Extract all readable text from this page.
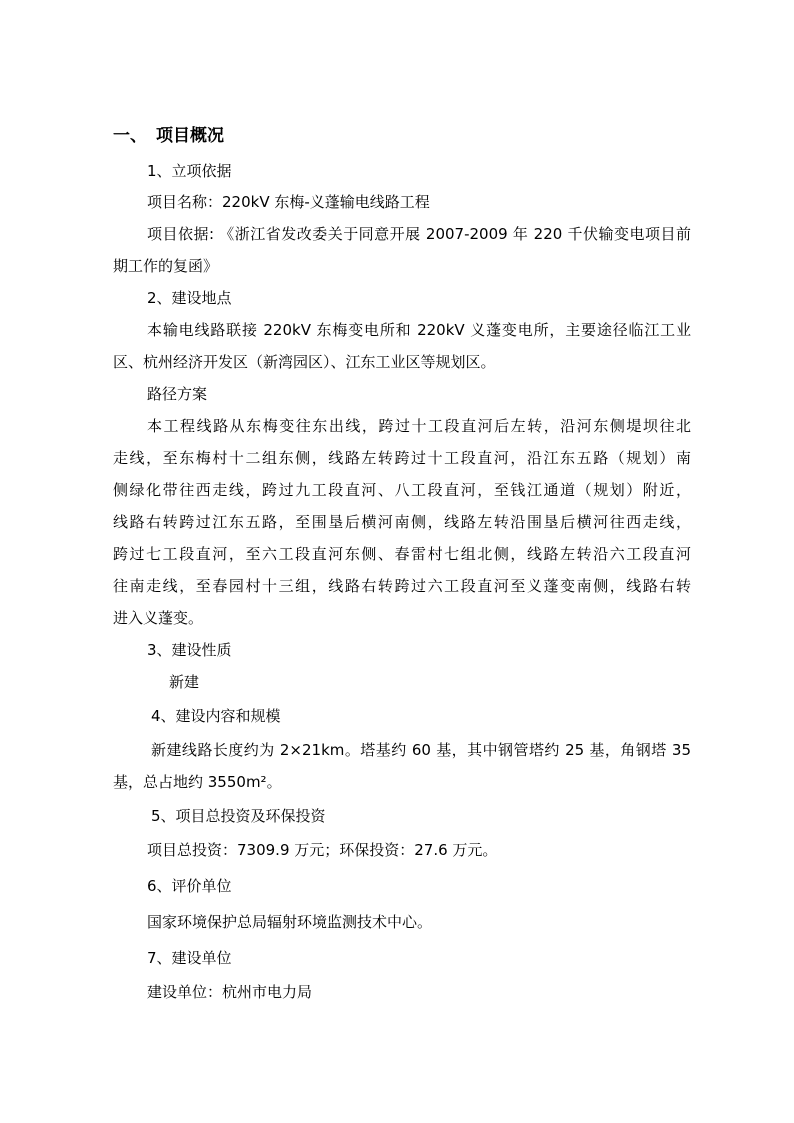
一、 项目概况
1、立项依据
项目名称：220kV 东梅-义蓬输电线路工程
项目依据: 《浙江省发改委关于同意开展 2007-2009 年 220 千伏输变电项目前
期工作的复函》
2、建设地点
本输电线路联接 220kV 东梅变电所和 220kV 义蓬变电所，主要途径临江工业
区、杭州经济开发区（新湾园区）、江东工业区等规划区。
路径方案
本工程线路从东梅变往东出线，跨过十工段直河后左转，沿河东侧堤坝往北
走线，至东梅村十二组东侧，线路左转跨过十工段直河，沿江东五路（规划）南
侧绿化带往西走线，跨过九工段直河、八工段直河，至钱江通道（规划）附近，
线路右转跨过江东五路，至围垦后横河南侧，线路左转沿围垦后横河往西走线，
跨过七工段直河，至六工段直河东侧、春雷村七组北侧，线路左转沿六工段直河
往南走线，至春园村十三组，线路右转跨过六工段直河至义蓬变南侧，线路右转
进入义蓬变。
3、建设性质
新建
4、建设内容和规模
新建线路长度约为 2×21km。塔基约 60 基，其中钢管塔约 25 基，角钢塔 35
基，总占地约 3550m²。
5、项目总投资及环保投资
项目总投资：7309.9 万元；环保投资：27.6 万元。
6、评价单位
国家环境保护总局辐射环境监测技术中心。
7、建设单位
建设单位：杭州市电力局
